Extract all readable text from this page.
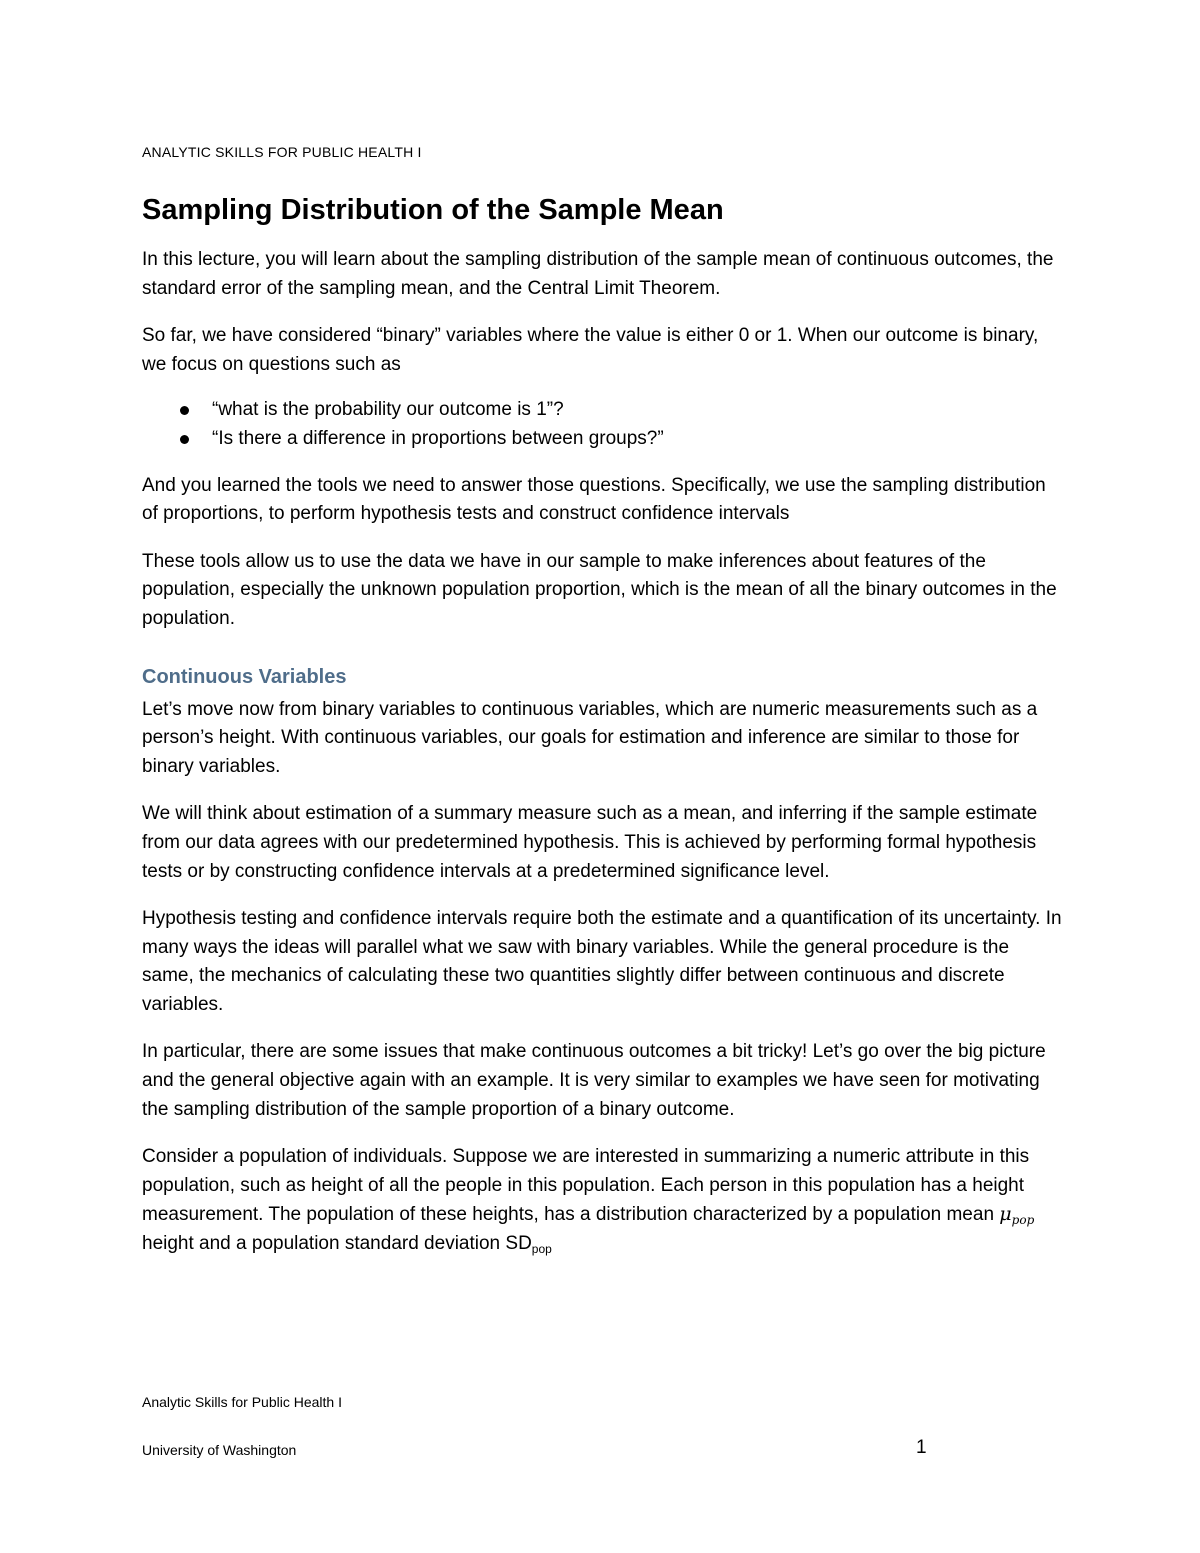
ANALYTIC SKILLS FOR PUBLIC HEALTH I
Sampling Distribution of the Sample Mean

In this lecture, you will learn about the sampling distribution of the sample mean of continuous outcomes, the standard error of the sampling mean, and the Central Limit Theorem.

So far, we have considered “binary” variables where the value is either 0 or 1. When our outcome is binary, we focus on questions such as

“what is the probability our outcome is 1”?
“Is there a difference in proportions between groups?”

And you learned the tools we need to answer those questions. Specifically, we use the sampling distribution of proportions, to perform hypothesis tests and construct confidence intervals

These tools allow us to use the data we have in our sample to make inferences about features of the population, especially the unknown population proportion, which is the mean of all the binary outcomes in the population.

Continuous Variables

Let’s move now from binary variables to continuous variables, which are numeric measurements such as a person’s height. With continuous variables, our goals for estimation and inference are similar to those for binary variables.

We will think about estimation of a summary measure such as a mean, and inferring if the sample estimate from our data agrees with our predetermined hypothesis. This is achieved by performing formal hypothesis tests or by constructing confidence intervals at a predetermined significance level.

Hypothesis testing and confidence intervals require both the estimate and a quantification of its uncertainty. In many ways the ideas will parallel what we saw with binary variables. While the general procedure is the same, the mechanics of calculating these two quantities slightly differ between continuous and discrete variables.

In particular, there are some issues that make continuous outcomes a bit tricky! Let’s go over the big picture and the general objective again with an example. It is very similar to examples we have seen for motivating the sampling distribution of the sample proportion of a binary outcome.

Consider a population of individuals. Suppose we are interested in summarizing a numeric attribute in this population, such as height of all the people in this population. Each person in this population has a height measurement. The population of these heights, has a distribution characterized by a population mean $\mu_{pop}$ height and a population standard deviation $SD_{pop}$

Analytic Skills for Public Health I
University of Washington	1
